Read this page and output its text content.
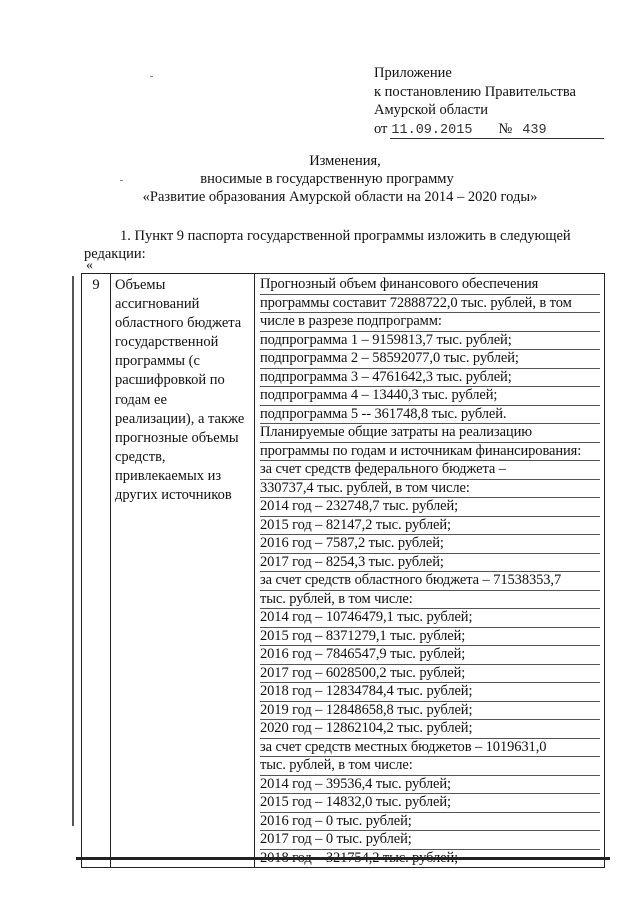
Приложение
к постановлению Правительства
Амурской области
от 11.09.2015 № 439
Изменения,
вносимые в государственную программу
«Развитие образования Амурской области на 2014 – 2020 годы»
1. Пункт 9 паспорта государственной программы изложить в следующей редакции:
«
9	Объемы
ассигнований
областного бюджета
государственной
программы (с
расшифровкой по
годам ее
реализации), а также
прогнозные объемы
средств,
привлекаемых из
других источников

Прогнозный объем финансового обеспечения
программы составит 72888722,0 тыс. рублей, в том
числе в разрезе подпрограмм:
подпрограмма 1 – 9159813,7 тыс. рублей;
подпрограмма 2 – 58592077,0 тыс. рублей;
подпрограмма 3 – 4761642,3 тыс. рублей;
подпрограмма 4 – 13440,3 тыс. рублей;
подпрограмма 5 -- 361748,8 тыс. рублей.
Планируемые общие затраты на реализацию
программы по годам и источникам финансирования:
за счет средств федерального бюджета –
330737,4 тыс. рублей, в том числе:
2014 год – 232748,7 тыс. рублей;
2015 год – 82147,2 тыс. рублей;
2016 год – 7587,2 тыс. рублей;
2017 год – 8254,3 тыс. рублей;
за счет средств областного бюджета – 71538353,7
тыс. рублей, в том числе:
2014 год – 10746479,1 тыс. рублей;
2015 год – 8371279,1 тыс. рублей;
2016 год – 7846547,9 тыс. рублей;
2017 год – 6028500,2 тыс. рублей;
2018 год – 12834784,4 тыс. рублей;
2019 год – 12848658,8 тыс. рублей;
2020 год – 12862104,2 тыс. рублей;
за счет средств местных бюджетов – 1019631,0
тыс. рублей, в том числе:
2014 год – 39536,4 тыс. рублей;
2015 год – 14832,0 тыс. рублей;
2016 год – 0 тыс. рублей;
2017 год – 0 тыс. рублей;
